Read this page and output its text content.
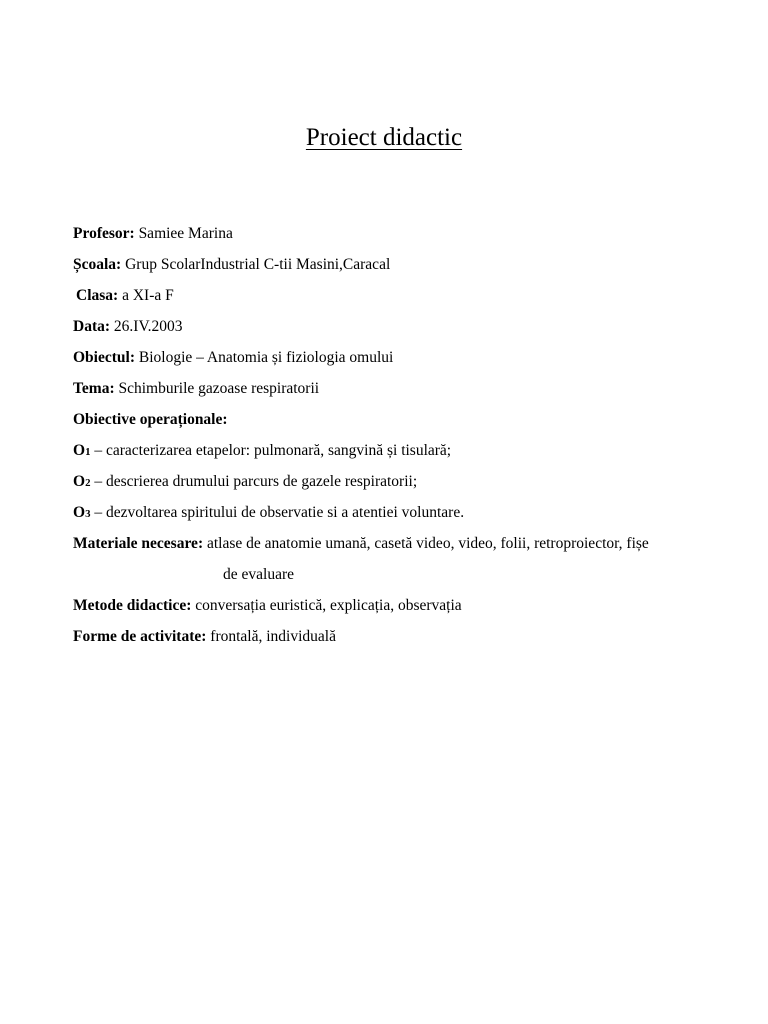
Proiect didactic
Profesor: Samiee Marina
Școala: Grup ScolarIndustrial C-tii Masini,Caracal
Clasa: a XI-a F
Data: 26.IV.2003
Obiectul: Biologie – Anatomia și fiziologia omului
Tema: Schimburile gazoase respiratorii
Obiective operaționale:
O1 – caracterizarea etapelor: pulmonară, sangvină și tisulară;
O2 – descrierea drumului parcurs de gazele respiratorii;
O3 – dezvoltarea spiritului de observatie si a atentiei voluntare.
Materiale necesare: atlase de anatomie umană, casetă video, video, folii, retroproiector, fișe
de evaluare
Metode didactice: conversația euristică, explicația, observația
Forme de activitate: frontală, individuală
